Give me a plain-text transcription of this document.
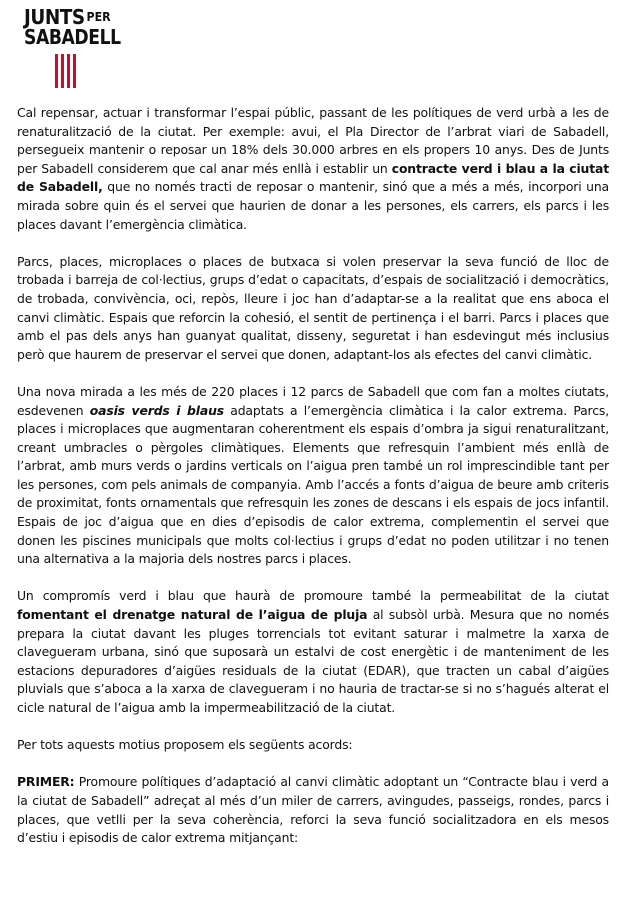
JUNTS $^{PER}$
SABADELL

Cal repensar, actuar i transformar l’espai públic, passant de les polítiques de verd urbà a les de renaturalització de la ciutat. Per exemple: avui, el Pla Director de l’arbrat viari de Sabadell, persegueix mantenir o reposar un 18% dels 30.000 arbres en els propers 10 anys. Des de Junts per Sabadell considerem que cal anar més enllà i establir un contracte verd i blau a la ciutat de Sabadell, que no només tracti de reposar o mantenir, sinó que a més a més, incorpori una mirada sobre quin és el servei que haurien de donar a les persones, els carrers, els parcs i les places davant l’emergència climàtica.

Parcs, places, microplaces o places de butxaca si volen preservar la seva funció de lloc de trobada i barreja de col·lectius, grups d’edat o capacitats, d’espais de socialització i democràtics, de trobada, convivència, oci, repòs, lleure i joc han d’adaptar-se a la realitat que ens aboca el canvi climàtic. Espais que reforcin la cohesió, el sentit de pertinença i el barri. Parcs i places que amb el pas dels anys han guanyat qualitat, disseny, seguretat i han esdevingut més inclusius però que haurem de preservar el servei que donen, adaptant-los als efectes del canvi climàtic.

Una nova mirada a les més de 220 places i 12 parcs de Sabadell que com fan a moltes ciutats, esdevenen oasis verds i blaus adaptats a l’emergència climàtica i la calor extrema. Parcs, places i microplaces que augmentaran coherentment els espais d’ombra ja sigui renaturalitzant, creant umbracles o pèrgoles climàtiques. Elements que refresquin l’ambient més enllà de l’arbrat, amb murs verds o jardins verticals on l’aigua pren també un rol imprescindible tant per les persones, com pels animals de companyia. Amb l’accés a fonts d’aigua de beure amb criteris de proximitat, fonts ornamentals que refresquin les zones de descans i els espais de jocs infantil. Espais de joc d’aigua que en dies d’episodis de calor extrema, complementin el servei que donen les piscines municipals que molts col·lectius i grups d’edat no poden utilitzar i no tenen una alternativa a la majoria dels nostres parcs i places.

Un compromís verd i blau que haurà de promoure també la permeabilitat de la ciutat fomentant el drenatge natural de l’aigua de pluja al subsòl urbà. Mesura que no només prepara la ciutat davant les pluges torrencials tot evitant saturar i malmetre la xarxa de clavegueram urbana, sinó que suposarà un estalvi de cost energètic i de manteniment de les estacions depuradores d’aigües residuals de la ciutat (EDAR), que tracten un cabal d’aigües pluvials que s’aboca a la xarxa de clavegueram i no hauria de tractar-se si no s’hagués alterat el cicle natural de l’aigua amb la impermeabilització de la ciutat.

Per tots aquests motius proposem els següents acords:

PRIMER: Promoure polítiques d’adaptació al canvi climàtic adoptant un “Contracte blau i verd a la ciutat de Sabadell” adreçat al més d’un miler de carrers, avingudes, passeigs, rondes, parcs i places, que vetlli per la seva coherència, reforci la seva funció socialitzadora en els mesos d’estiu i episodis de calor extrema mitjançant:
